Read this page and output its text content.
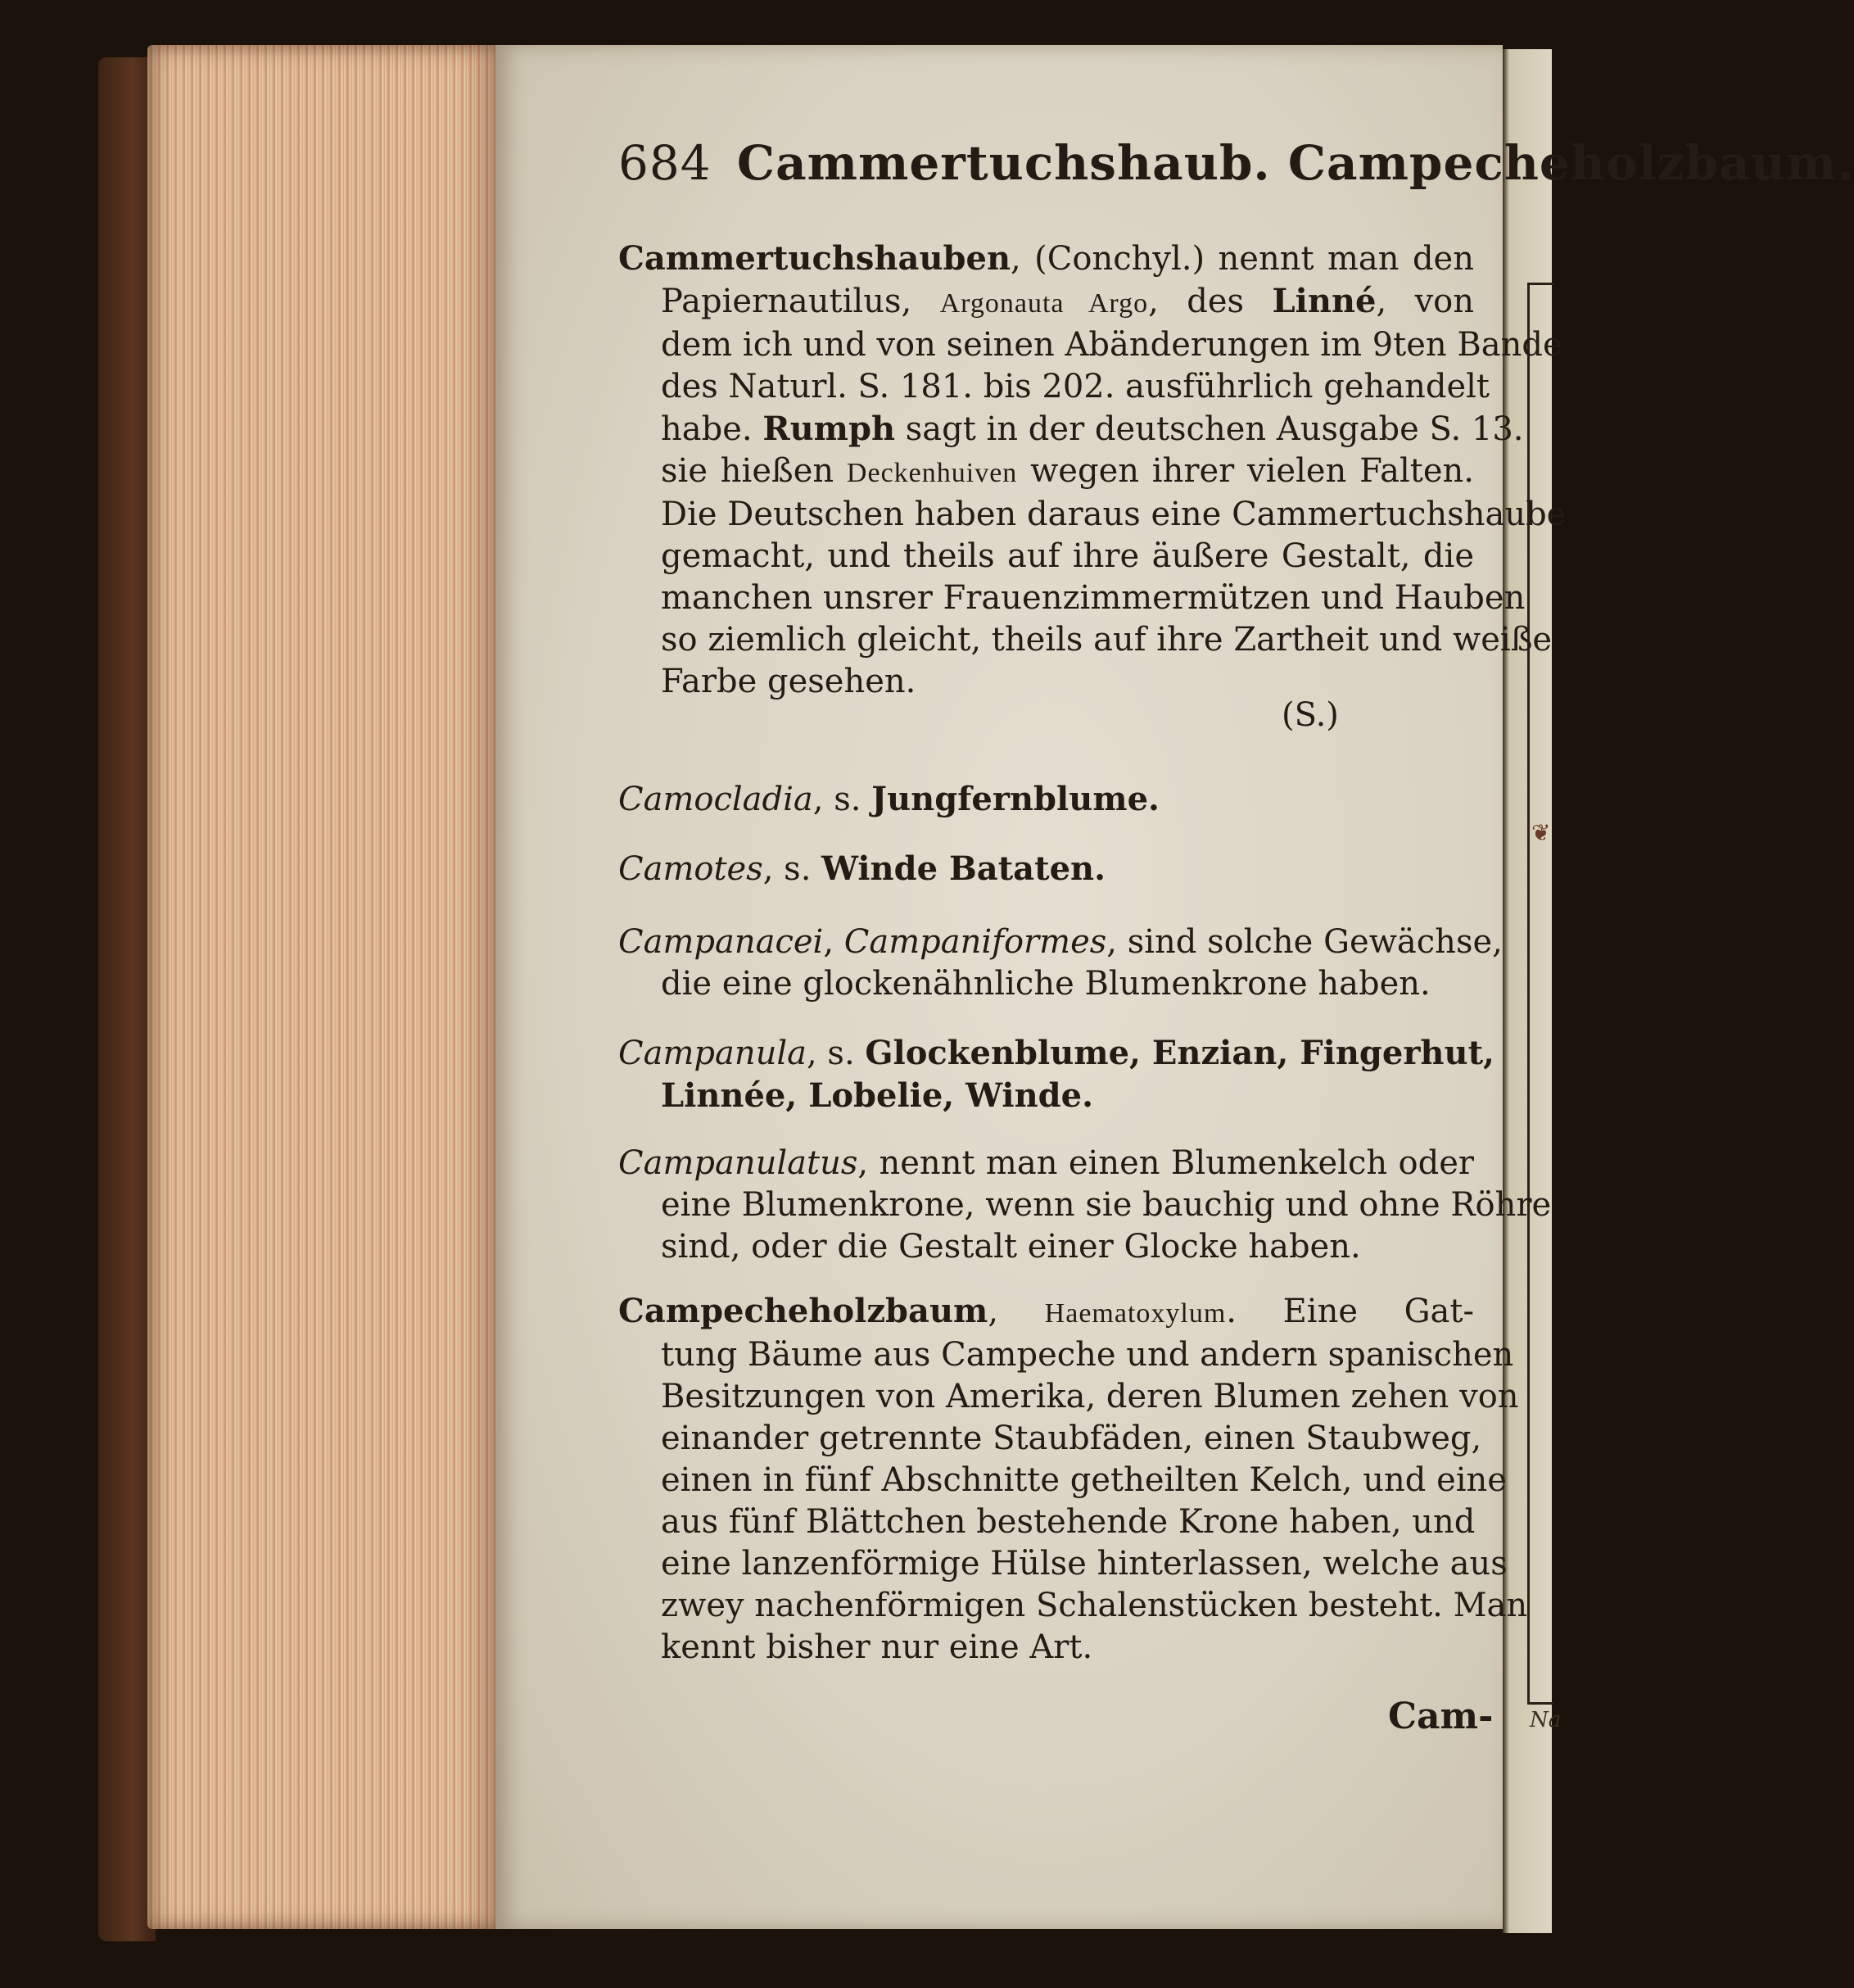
❦
Na
684 Cammertuchshaub. Campecheholzbaum.
Cammertuchshauben, (Conchyl.) nennt man den
Papiernautilus, Argonauta Argo, des Linné, von
dem ich und von seinen Abänderungen im 9ten Bande
des Naturl. S. 181. bis 202. ausführlich gehandelt
habe. Rumph sagt in der deutschen Ausgabe S. 13.
sie hießen Deckenhuiven wegen ihrer vielen Falten.
Die Deutschen haben daraus eine Cammertuchshaube
gemacht, und theils auf ihre äußere Gestalt, die
manchen unsrer Frauenzimmermützen und Hauben
so ziemlich gleicht, theils auf ihre Zartheit und weiße
Farbe gesehen.
Camocladia, s. Jungfernblume.
Camotes, s. Winde Bataten.
Campanacei, Campaniformes, sind solche Gewächse,
die eine glockenähnliche Blumenkrone haben.
Campanula, s. Glockenblume, Enzian, Fingerhut,
Linnée, Lobelie, Winde.
Campanulatus, nennt man einen Blumenkelch oder
eine Blumenkrone, wenn sie bauchig und ohne Röhre
sind, oder die Gestalt einer Glocke haben.
Campecheholzbaum, Haematoxylum. Eine Gat-
tung Bäume aus Campeche und andern spanischen
Besitzungen von Amerika, deren Blumen zehen von
einander getrennte Staubfäden, einen Staubweg,
einen in fünf Abschnitte getheilten Kelch, und eine
aus fünf Blättchen bestehende Krone haben, und
eine lanzenförmige Hülse hinterlassen, welche aus
zwey nachenförmigen Schalenstücken besteht. Man
kennt bisher nur eine Art.
(S.)
Cam-
